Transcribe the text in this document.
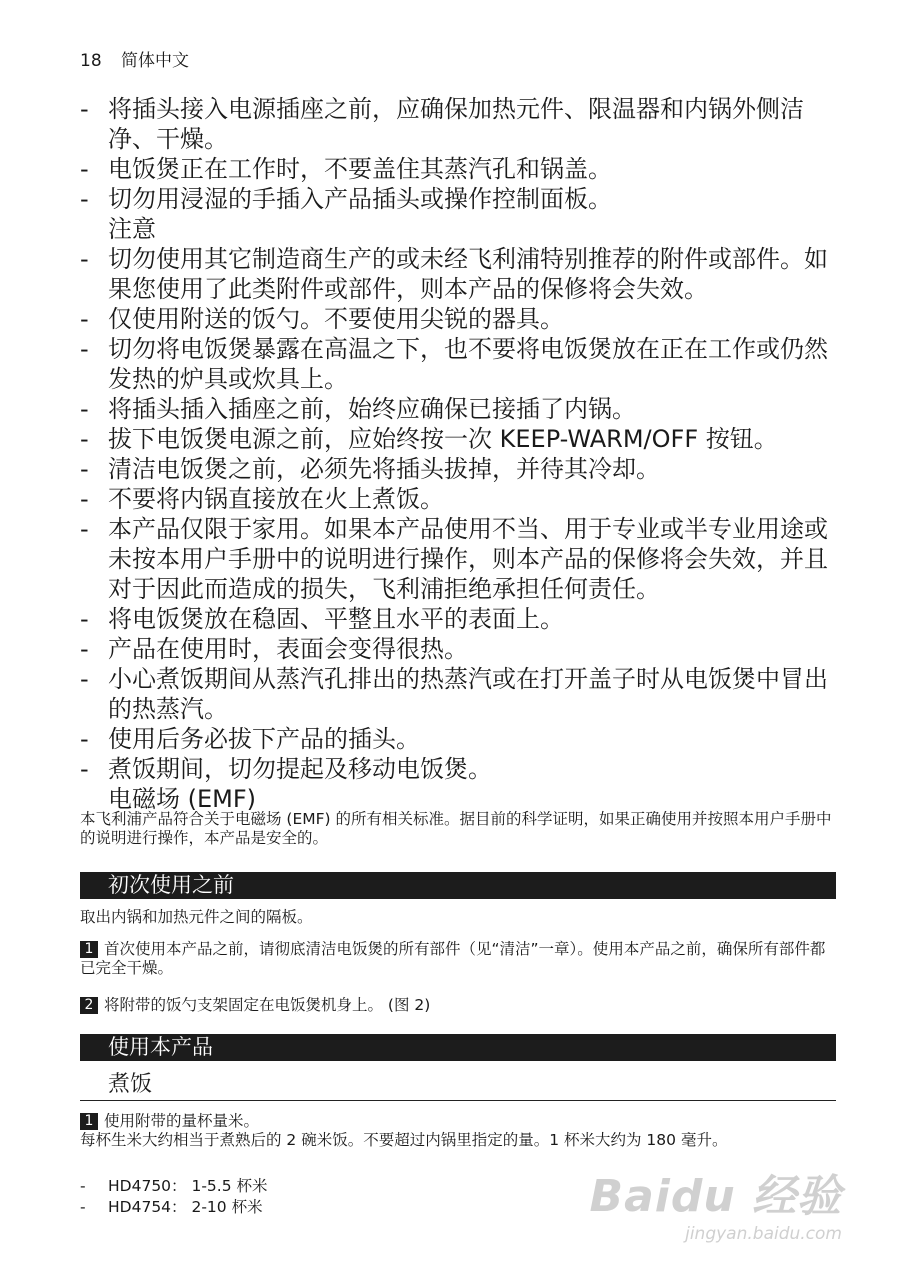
18 简体中文
- 将插头接入电源插座之前，应确保加热元件、限温器和内锅外侧洁净、干燥。
- 电饭煲正在工作时，不要盖住其蒸汽孔和锅盖。
- 切勿用浸湿的手插入产品插头或操作控制面板。
注意
- 切勿使用其它制造商生产的或未经飞利浦特别推荐的附件或部件。如果您使用了此类附件或部件，则本产品的保修将会失效。
- 仅使用附送的饭勺。不要使用尖锐的器具。
- 切勿将电饭煲暴露在高温之下，也不要将电饭煲放在正在工作或仍然发热的炉具或炊具上。
- 将插头插入插座之前，始终应确保已接插了内锅。
- 拔下电饭煲电源之前，应始终按一次 KEEP-WARM/OFF 按钮。
- 清洁电饭煲之前，必须先将插头拔掉，并待其冷却。
- 不要将内锅直接放在火上煮饭。
- 本产品仅限于家用。如果本产品使用不当、用于专业或半专业用途或未按本用户手册中的说明进行操作，则本产品的保修将会失效，并且对于因此而造成的损失，飞利浦拒绝承担任何责任。
- 将电饭煲放在稳固、平整且水平的表面上。
- 产品在使用时，表面会变得很热。
- 小心煮饭期间从蒸汽孔排出的热蒸汽或在打开盖子时从电饭煲中冒出的热蒸汽。
- 使用后务必拔下产品的插头。
- 煮饭期间，切勿提起及移动电饭煲。
电磁场 (EMF)
本飞利浦产品符合关于电磁场 (EMF) 的所有相关标准。据目前的科学证明，如果正确使用并按照本用户手册中的说明进行操作，本产品是安全的。
初次使用之前
取出内锅和加热元件之间的隔板。
1 首次使用本产品之前，请彻底清洁电饭煲的所有部件（见“清洁”一章）。使用本产品之前，确保所有部件都已完全干燥。
2 将附带的饭勺支架固定在电饭煲机身上。 (图 2)
使用本产品
煮饭
1 使用附带的量杯量米。
每杯生米大约相当于煮熟后的 2 碗米饭。不要超过内锅里指定的量。1 杯米大约为 180 毫升。
- HD4750： 1-5.5 杯米
- HD4754： 2-10 杯米	Baidu 经验
jingyan.baidu.com
